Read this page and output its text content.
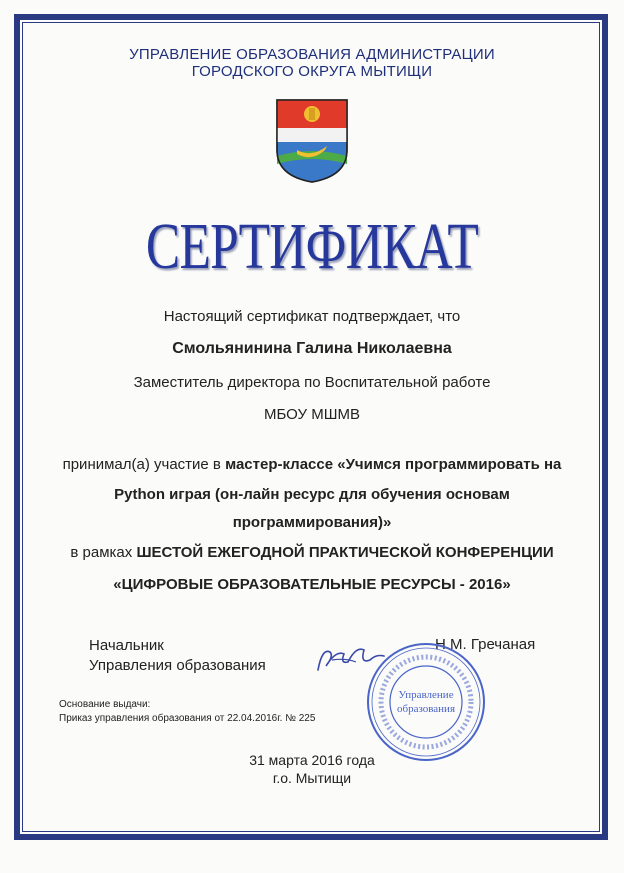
УПРАВЛЕНИЕ ОБРАЗОВАНИЯ АДМИНИСТРАЦИИ
ГОРОДСКОГО ОКРУГА МЫТИЩИ
СЕРТИФИКАТ
Настоящий сертификат подтверждает, что
Смольянинина Галина Николаевна
Заместитель директора по Воспитательной работе
МБОУ МШМВ
принимал(а) участие в мастер-классе «Учимся программировать на
Python играя (он-лайн ресурс для обучения основам
программирования)»
в рамках ШЕСТОЙ ЕЖЕГОДНОЙ ПРАКТИЧЕСКОЙ КОНФЕРЕНЦИИ
«ЦИФРОВЫЕ ОБРАЗОВАТЕЛЬНЫЕ РЕСУРСЫ - 2016»
Начальник
Управления образования
Н.М. Гречаная
Управление
образования
Основание выдачи:
Приказ управления образования от 22.04.2016г. № 225
31 марта 2016 года
г.о. Мытищи
